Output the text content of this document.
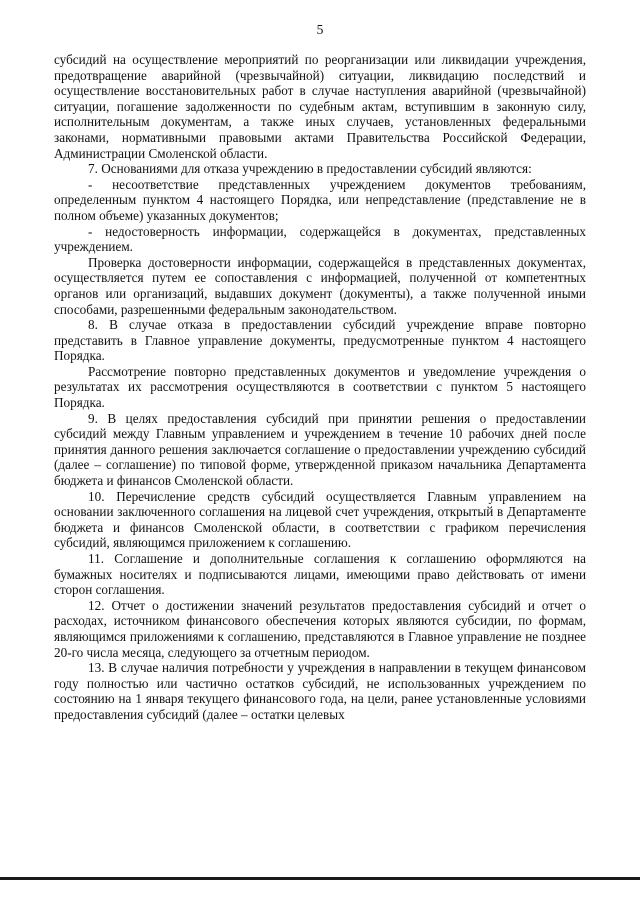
5

субсидий на осуществление мероприятий по реорганизации или ликвидации учреждения, предотвращение аварийной (чрезвычайной) ситуации, ликвидацию последствий и осуществление восстановительных работ в случае наступления аварийной (чрезвычайной) ситуации, погашение задолженности по судебным актам, вступившим в законную силу, исполнительным документам, а также иных случаев, установленных федеральными законами, нормативными правовыми актами Правительства Российской Федерации, Администрации Смоленской области.

7. Основаниями для отказа учреждению в предоставлении субсидий являются:

- несоответствие представленных учреждением документов требованиям, определенным пунктом 4 настоящего Порядка, или непредставление (представление не в полном объеме) указанных документов;

- недостоверность информации, содержащейся в документах, представленных учреждением.

Проверка достоверности информации, содержащейся в представленных документах, осуществляется путем ее сопоставления с информацией, полученной от компетентных органов или организаций, выдавших документ (документы), а также полученной иными способами, разрешенными федеральным законодательством.

8. В случае отказа в предоставлении субсидий учреждение вправе повторно представить в Главное управление документы, предусмотренные пунктом 4 настоящего Порядка.

Рассмотрение повторно представленных документов и уведомление учреждения о результатах их рассмотрения осуществляются в соответствии с пунктом 5 настоящего Порядка.

9. В целях предоставления субсидий при принятии решения о предоставлении субсидий между Главным управлением и учреждением в течение 10 рабочих дней после принятия данного решения заключается соглашение о предоставлении учреждению субсидий (далее – соглашение) по типовой форме, утвержденной приказом начальника Департамента бюджета и финансов Смоленской области.

10. Перечисление средств субсидий осуществляется Главным управлением на основании заключенного соглашения на лицевой счет учреждения, открытый в Департаменте бюджета и финансов Смоленской области, в соответствии с графиком перечисления субсидий, являющимся приложением к соглашению.

11. Соглашение и дополнительные соглашения к соглашению оформляются на бумажных носителях и подписываются лицами, имеющими право действовать от имени сторон соглашения.

12. Отчет о достижении значений результатов предоставления субсидий и отчет о расходах, источником финансового обеспечения которых являются субсидии, по формам, являющимся приложениями к соглашению, представляются в Главное управление не позднее 20-го числа месяца, следующего за отчетным периодом.

13. В случае наличия потребности у учреждения в направлении в текущем финансовом году полностью или частично остатков субсидий, не использованных учреждением по состоянию на 1 января текущего финансового года, на цели, ранее установленные условиями предоставления субсидий (далее – остатки целевых
